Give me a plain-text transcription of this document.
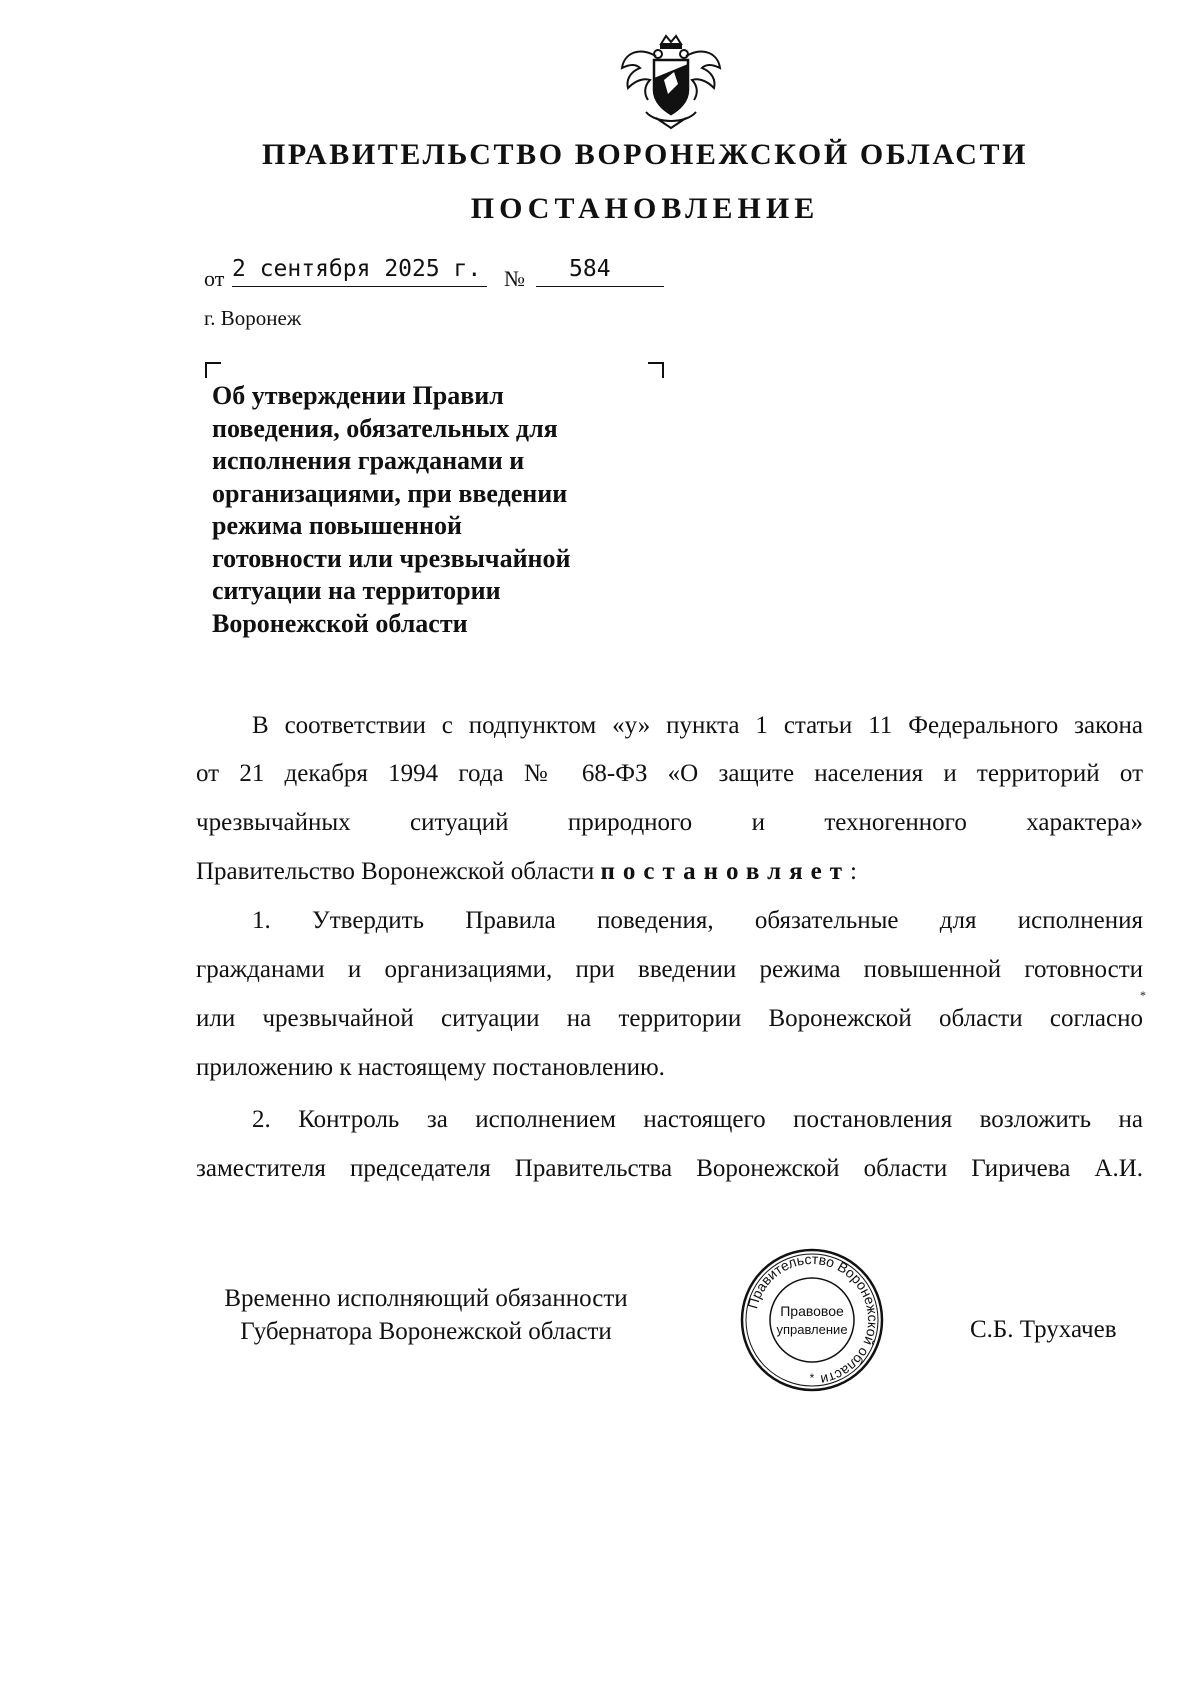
ПРАВИТЕЛЬСТВО ВОРОНЕЖСКОЙ ОБЛАСТИ
ПОСТАНОВЛЕНИЕ
от 2 сентября 2025 г. № 584
г. Воронеж
Об утверждении Правил
поведения, обязательных для
исполнения гражданами и
организациями, при введении
режима повышенной
готовности или чрезвычайной
ситуации на территории
Воронежской области
В соответствии с подпунктом «у» пункта 1 статьи 11 Федерального закона
от 21 декабря 1994 года № 68-ФЗ «О защите населения и территорий от
чрезвычайных ситуаций природного и техногенного характера»
Правительство Воронежской области постановляет:
1. Утвердить Правила поведения, обязательные для исполнения
гражданами и организациями, при введении режима повышенной готовности
или чрезвычайной ситуации на территории Воронежской области согласно
приложению к настоящему постановлению.
2. Контроль за исполнением настоящего постановления возложить на
заместителя председателя Правительства Воронежской области Гиричева А.И.
*
Временно исполняющий обязанности
Губернатора Воронежской области
Правительство Воронежской области
Правовое
управление
*
С.Б. Трухачев
